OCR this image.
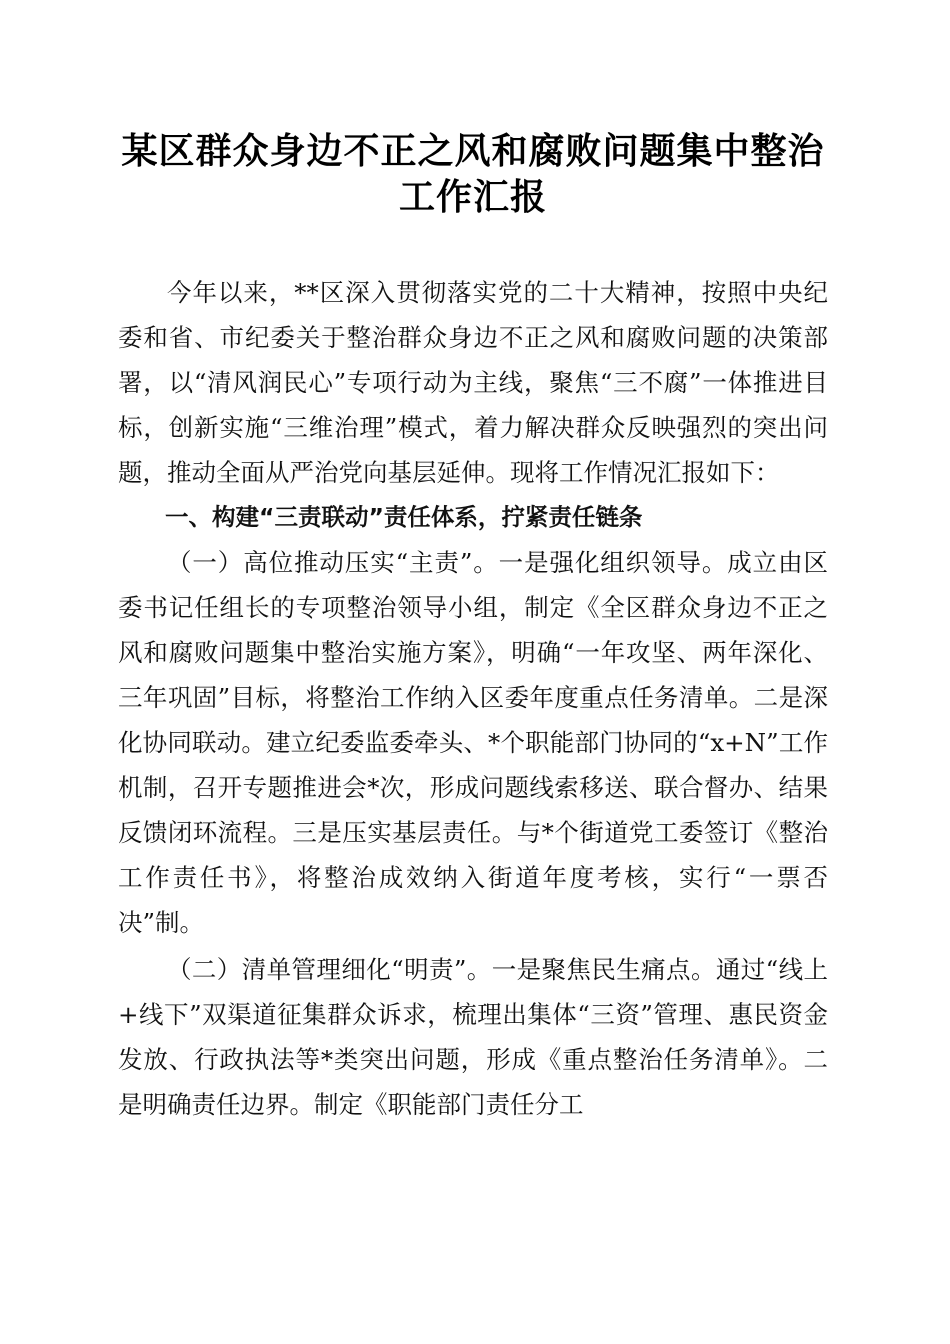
某区群众身边不正之风和腐败问题集中整治工作汇报

今年以来，**区深入贯彻落实党的二十大精神，按照中央纪委和省、市纪委关于整治群众身边不正之风和腐败问题的决策部署，以“清风润民心”专项行动为主线，聚焦“三不腐”一体推进目标，创新实施“三维治理”模式，着力解决群众反映强烈的突出问题，推动全面从严治党向基层延伸。现将工作情况汇报如下：

一、构建“三责联动”责任体系，拧紧责任链条

（一）高位推动压实“主责”。一是强化组织领导。成立由区委书记任组长的专项整治领导小组，制定《全区群众身边不正之风和腐败问题集中整治实施方案》，明确“一年攻坚、两年深化、三年巩固”目标，将整治工作纳入区委年度重点任务清单。二是深化协同联动。建立纪委监委牵头、*个职能部门协同的“x+N”工作机制，召开专题推进会*次，形成问题线索移送、联合督办、结果反馈闭环流程。三是压实基层责任。与*个街道党工委签订《整治工作责任书》，将整治成效纳入街道年度考核，实行“一票否决”制。

（二）清单管理细化“明责”。一是聚焦民生痛点。通过“线上+线下”双渠道征集群众诉求，梳理出集体“三资”管理、惠民资金发放、行政执法等*类突出问题，形成《重点整治任务清单》。二是明确责任边界。制定《职能部门责任分工
